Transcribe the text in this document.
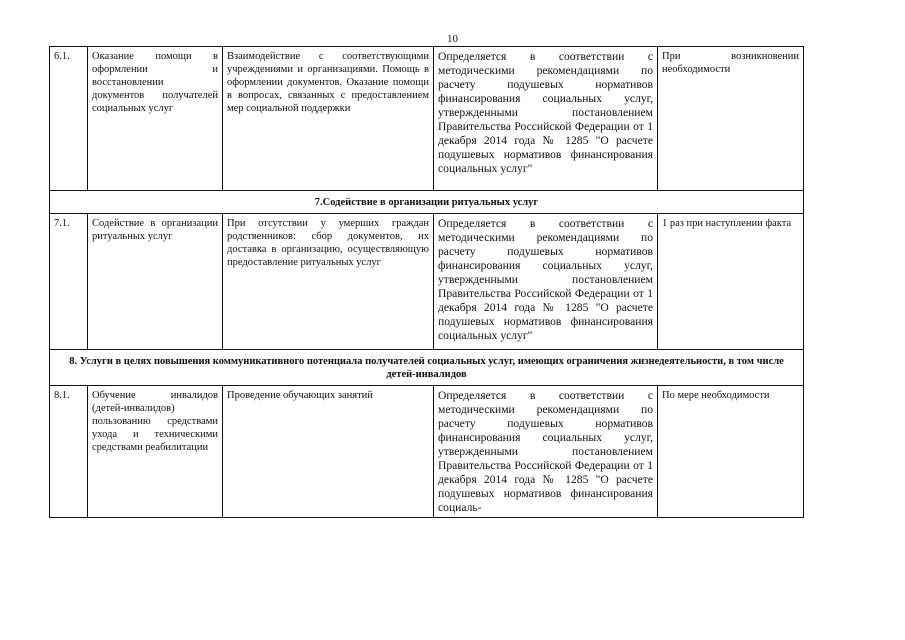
10
6.1.	Оказание помощи в оформлении и восстановлении документов получателей социальных услуг	Взаимодействие с соответствующими учреждениями и организациями. Помощь в оформлении документов. Оказание помощи в вопросах, связанных с предоставлением мер социальной поддержки	Определяется в соответствии с методическими рекомендациями по расчету подушевых нормативов финансирования социальных услуг, утвержденными постановлением Правительства Российской Федерации от 1 декабря 2014 года № 1285 "О расчете подушевых нормативов финансирования социальных услуг"	При возникновении необходимости
7.Содействие в организации ритуальных услуг				
7.1.	Содействие в организации ритуальных услуг	При отсутствии у умерших граждан родственников: сбор документов, их доставка в организацию, осуществляющую предоставление ритуальных услуг	Определяется в соответствии с методическими рекомендациями по расчету подушевых нормативов финансирования социальных услуг, утвержденными постановлением Правительства Российской Федерации от 1 декабря 2014 года № 1285 "О расчете подушевых нормативов финансирования социальных услуг"	1 раз при наступлении факта
8. Услуги в целях повышения коммуникативного потенциала получателей социальных услуг, имеющих ограничения жизнедеятельности, в том числе детей-инвалидов				
8.1.	Обучение инвалидов (детей-инвалидов) пользованию средствами ухода и техническими средствами реабилитации	Проведение обучающих занятий	Определяется в соответствии с методическими рекомендациями по расчету подушевых нормативов финансирования социальных услуг, утвержденными постановлением Правительства Российской Федерации от 1 декабря 2014 года № 1285 "О расчете подушевых нормативов финансирования социаль-	По мере необходимости
